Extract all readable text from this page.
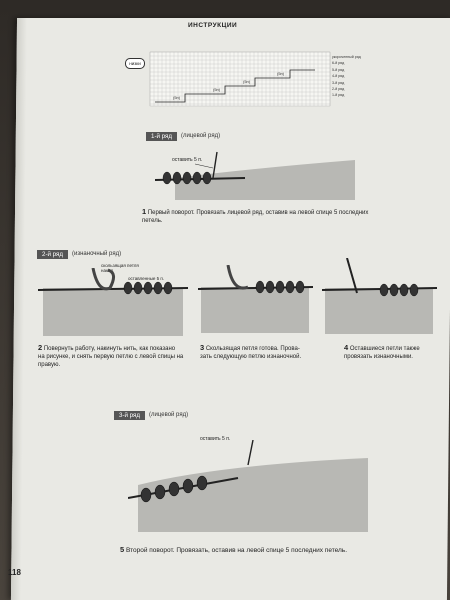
ИНСТРУКЦИИ
низки
(5п)
(5п)
(5п)
(5п)
укороченный ряд
6-й ряд
5-й ряд
4-й ряд
3-й ряд
2-й ряд
1-й ряд
1-й ряд	(лицевой ряд)
оставить 5 п.
1 Первый поворот. Провязать лицевой ряд, оставив на левой спице 5 последних
петель.
2-й ряд	(изнаночный ряд)
скользящая петля
накид
оставленные 5 п.
2 Повернуть работу, накинуть нить, как показано
на рисунке, и снять первую петлю с левой спицы на
правую.
3 Скользящая петля готова. Прова-
зать следующую петлю изнаночной.
4 Оставшиеся петли также
провязать изнаночными.
3-й ряд	(лицевой ряд)
оставить 5 п.
5 Второй поворот. Провязать, оставив на левой спице 5 последних петель.
118
